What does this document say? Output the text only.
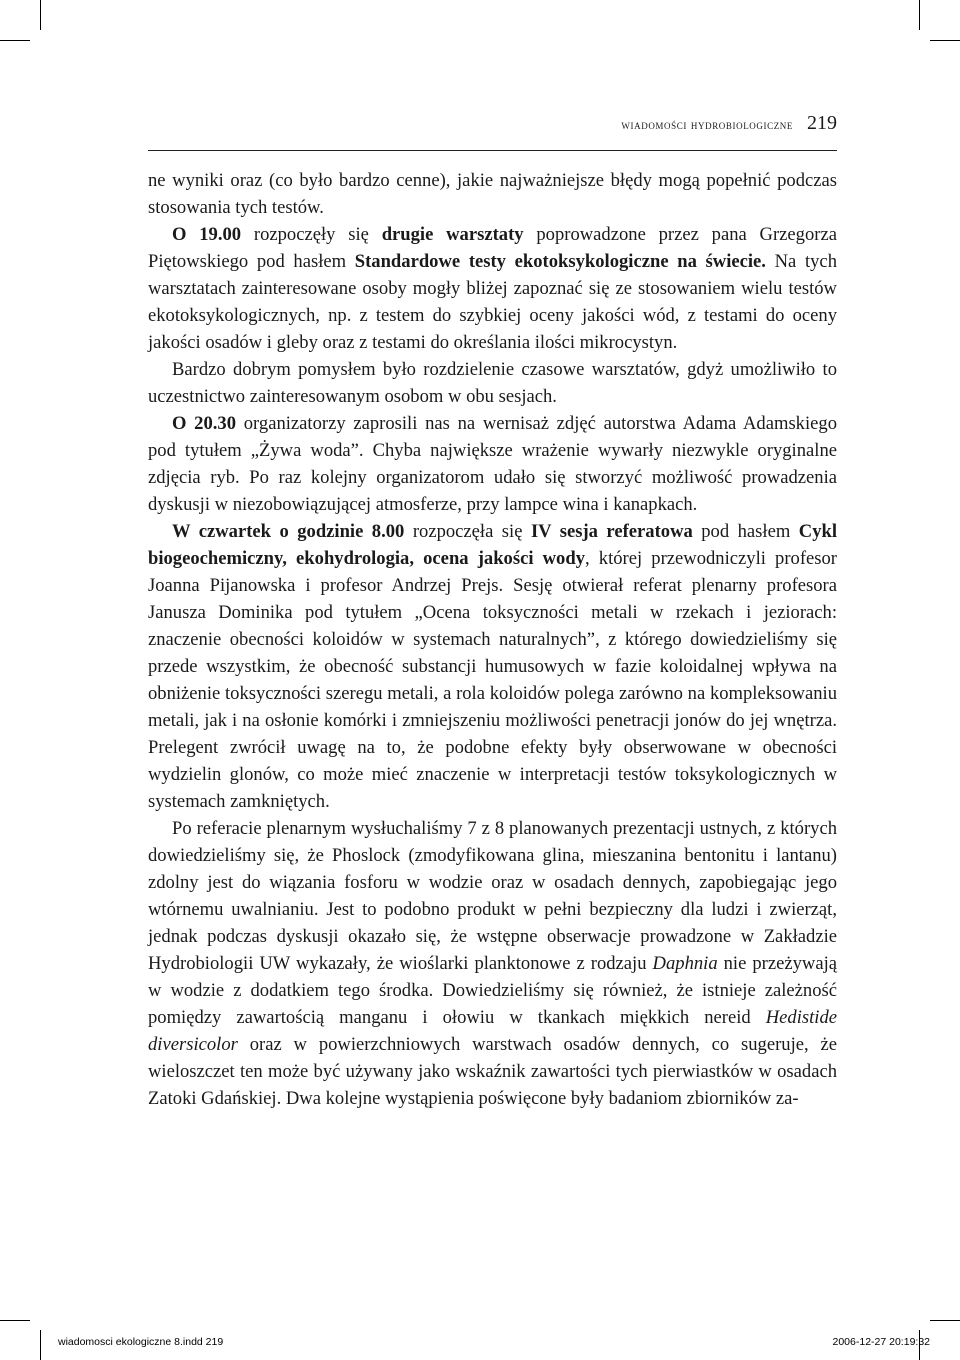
wiadomości hydrobiologiczne 219

ne wyniki oraz (co było bardzo cenne), jakie najważniejsze błędy mogą popełnić podczas stosowania tych testów.

O 19.00 rozpoczęły się drugie warsztaty poprowadzone przez pana Grzegorza Piętowskiego pod hasłem Standardowe testy ekotoksykologiczne na świecie. Na tych warsztatach zainteresowane osoby mogły bliżej zapoznać się ze stosowaniem wielu testów ekotoksykologicznych, np. z testem do szybkiej oceny jakości wód, z testami do oceny jakości osadów i gleby oraz z testami do określania ilości mikrocystyn.

Bardzo dobrym pomysłem było rozdzielenie czasowe warsztatów, gdyż umożliwiło to uczestnictwo zainteresowanym osobom w obu sesjach.

O 20.30 organizatorzy zaprosili nas na wernisaż zdjęć autorstwa Adama Adamskiego pod tytułem „Żywa woda”. Chyba największe wrażenie wywarły niezwykle oryginalne zdjęcia ryb. Po raz kolejny organizatorom udało się stworzyć możliwość prowadzenia dyskusji w niezobowiązującej atmosferze, przy lampce wina i kanapkach.

W czwartek o godzinie 8.00 rozpoczęła się IV sesja referatowa pod hasłem Cykl biogeochemiczny, ekohydrologia, ocena jakości wody, której przewodniczyli profesor Joanna Pijanowska i profesor Andrzej Prejs. Sesję otwierał referat plenarny profesora Janusza Dominika pod tytułem „Ocena toksyczności metali w rzekach i jeziorach: znaczenie obecności koloidów w systemach naturalnych”, z którego dowiedzieliśmy się przede wszystkim, że obecność substancji humusowych w fazie koloidalnej wpływa na obniżenie toksyczności szeregu metali, a rola koloidów polega zarówno na kompleksowaniu metali, jak i na osłonie komórki i zmniejszeniu możliwości penetracji jonów do jej wnętrza. Prelegent zwrócił uwagę na to, że podobne efekty były obserwowane w obecności wydzielin glonów, co może mieć znaczenie w interpretacji testów toksykologicznych w systemach zamkniętych.

Po referacie plenarnym wysłuchaliśmy 7 z 8 planowanych prezentacji ustnych, z których dowiedzieliśmy się, że Phoslock (zmodyfikowana glina, mieszanina bentonitu i lantanu) zdolny jest do wiązania fosforu w wodzie oraz w osadach dennych, zapobiegając jego wtórnemu uwalnianiu. Jest to podobno produkt w pełni bezpieczny dla ludzi i zwierząt, jednak podczas dyskusji okazało się, że wstępne obserwacje prowadzone w Zakładzie Hydrobiologii UW wykazały, że wioślarki planktonowe z rodzaju Daphnia nie przeżywają w wodzie z dodatkiem tego środka. Dowiedzieliśmy się również, że istnieje zależność pomiędzy zawartością manganu i ołowiu w tkankach miękkich nereid Hedistide diversicolor oraz w powierzchniowych warstwach osadów dennych, co sugeruje, że wieloszczet ten może być używany jako wskaźnik zawartości tych pierwiastków w osadach Zatoki Gdańskiej. Dwa kolejne wystąpienia poświęcone były badaniom zbiorników za-

wiadomosci ekologiczne 8.indd 219	2006-12-27 20:19:32
